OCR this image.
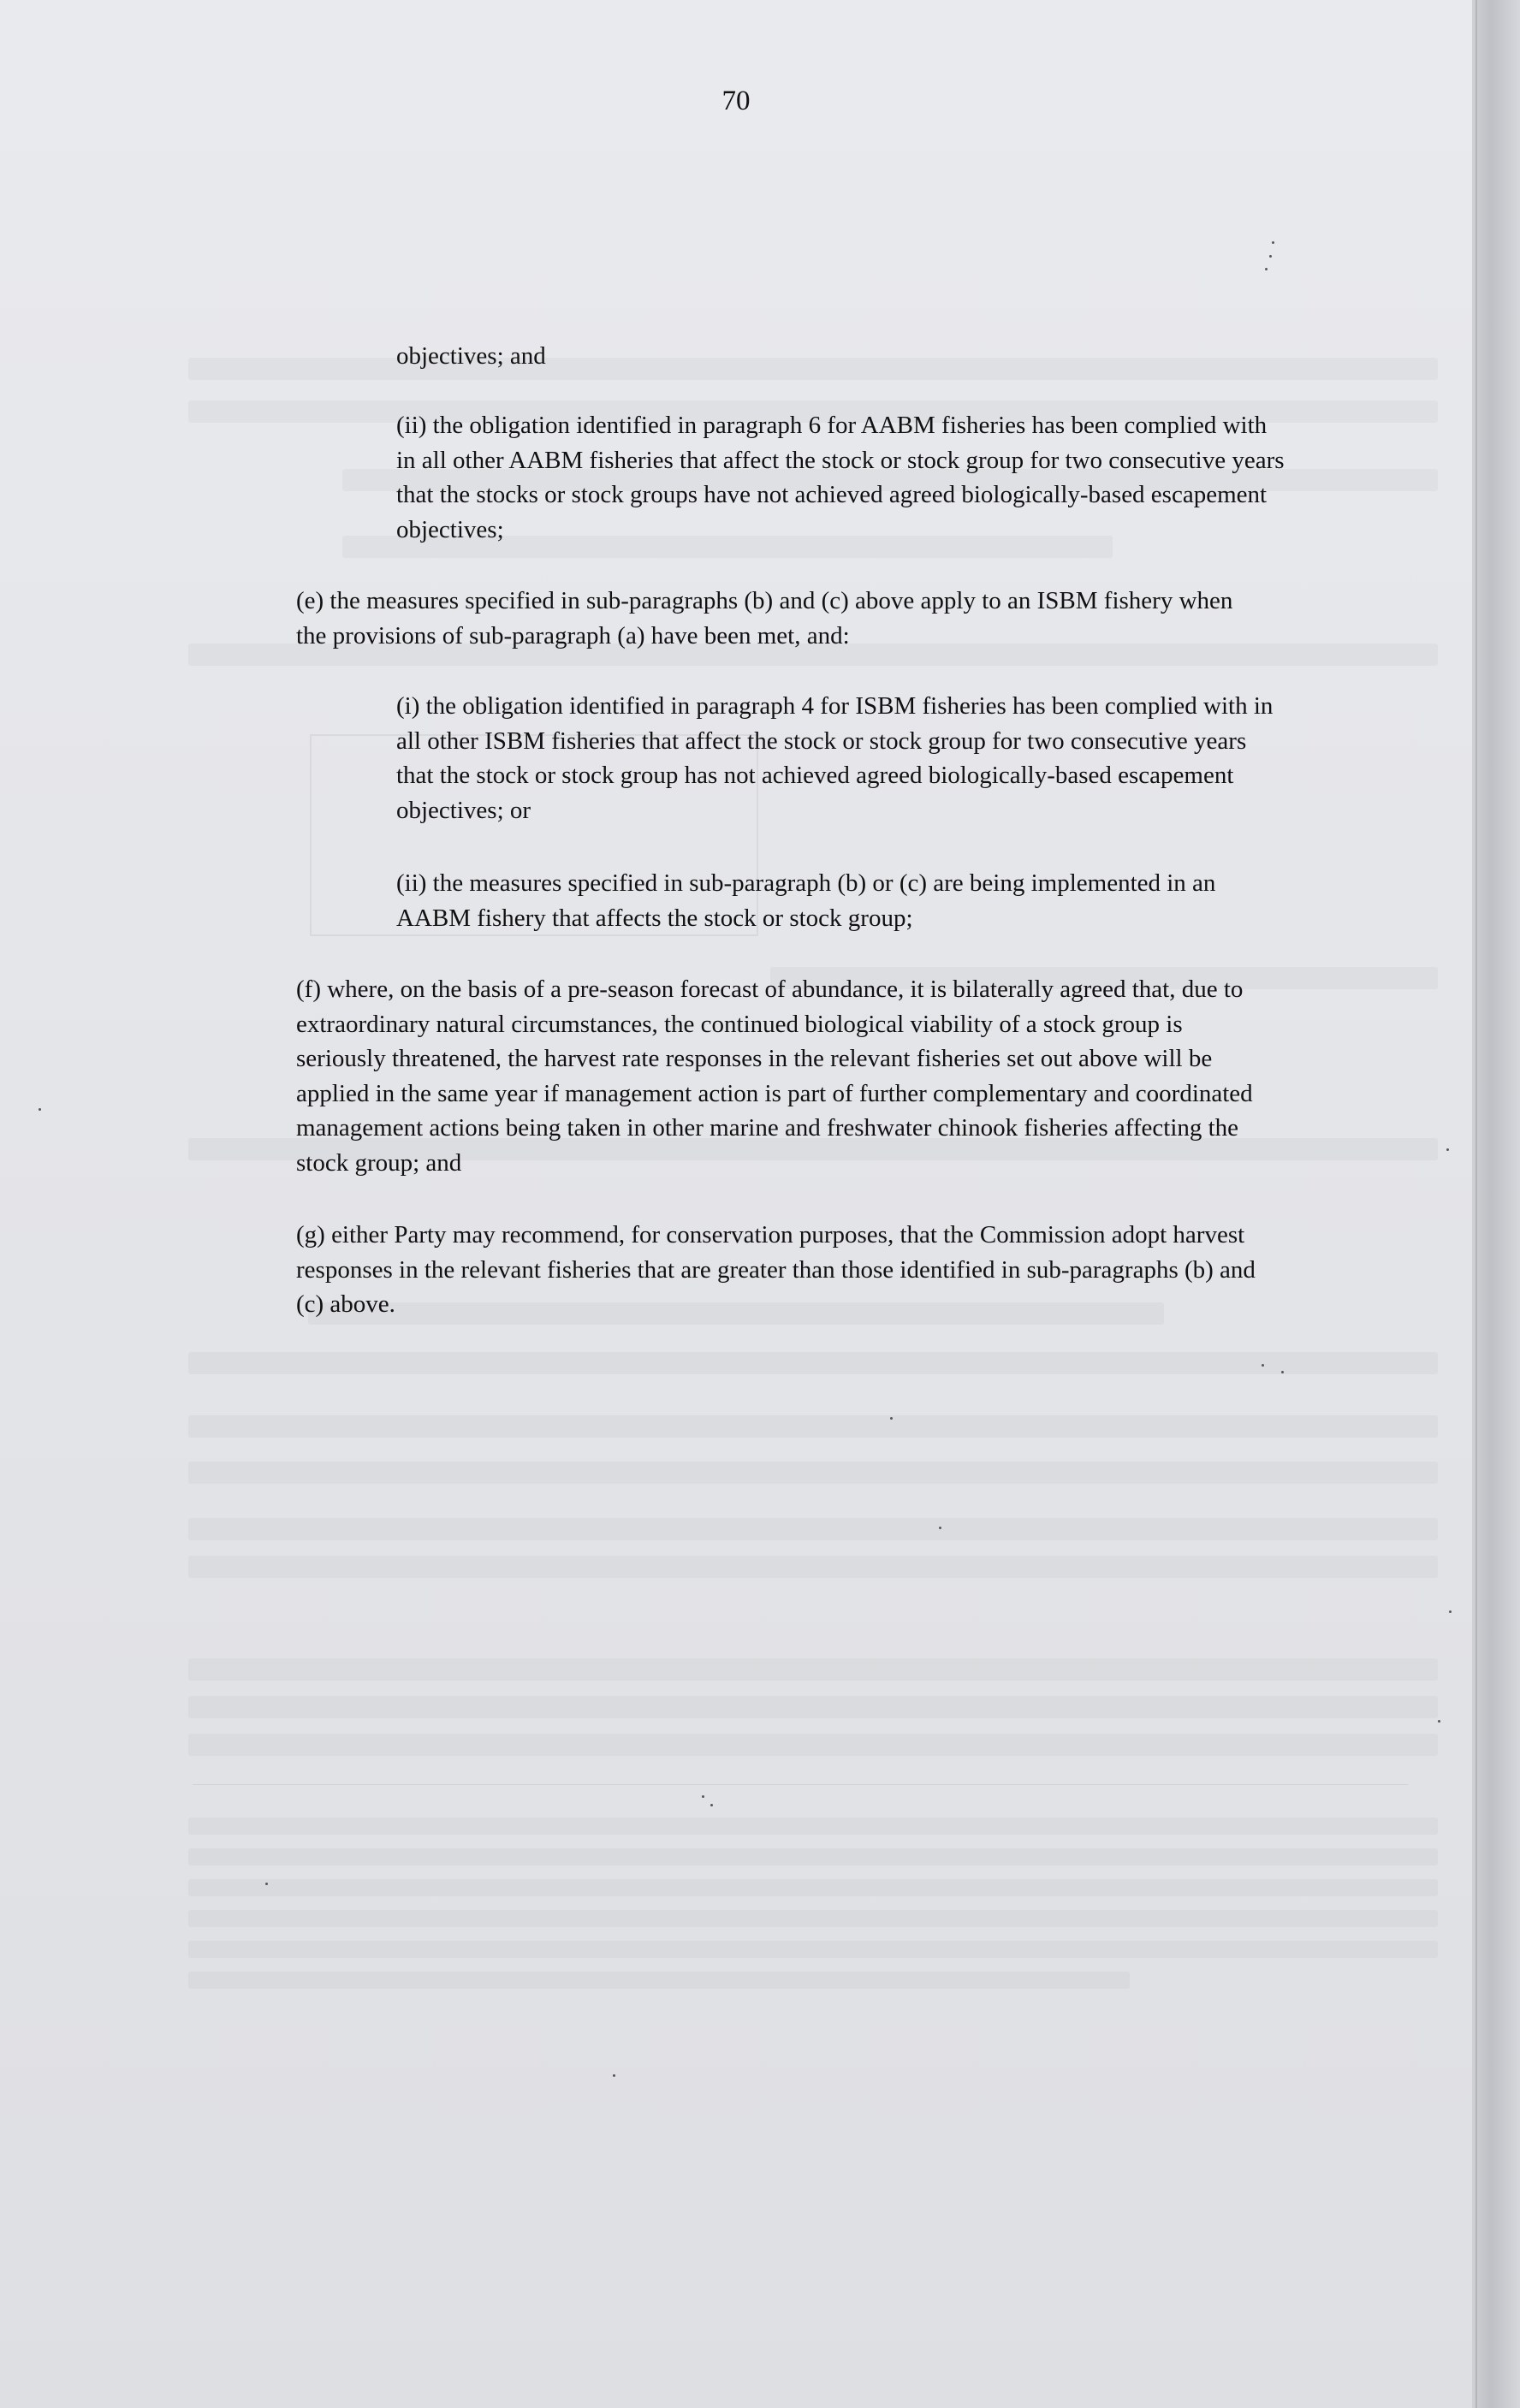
70

objectives; and

(ii) the obligation identified in paragraph 6 for AABM fisheries has been complied with
in all other AABM fisheries that affect the stock or stock group for two consecutive years
that the stocks or stock groups have not achieved agreed biologically-based escapement
objectives;

(e) the measures specified in sub-paragraphs (b) and (c) above apply to an ISBM fishery when
the provisions of sub-paragraph (a) have been met, and:

(i) the obligation identified in paragraph 4 for ISBM fisheries has been complied with in
all other ISBM fisheries that affect the stock or stock group for two consecutive years
that the stock or stock group has not achieved agreed biologically-based escapement
objectives; or

(ii) the measures specified in sub-paragraph (b) or (c) are being implemented in an
AABM fishery that affects the stock or stock group;

(f) where, on the basis of a pre-season forecast of abundance, it is bilaterally agreed that, due to
extraordinary natural circumstances, the continued biological viability of a stock group is
seriously threatened, the harvest rate responses in the relevant fisheries set out above will be
applied in the same year if management action is part of further complementary and coordinated
management actions being taken in other marine and freshwater chinook fisheries affecting the
stock group; and

(g) either Party may recommend, for conservation purposes, that the Commission adopt harvest
responses in the relevant fisheries that are greater than those identified in sub-paragraphs (b) and
(c) above.
